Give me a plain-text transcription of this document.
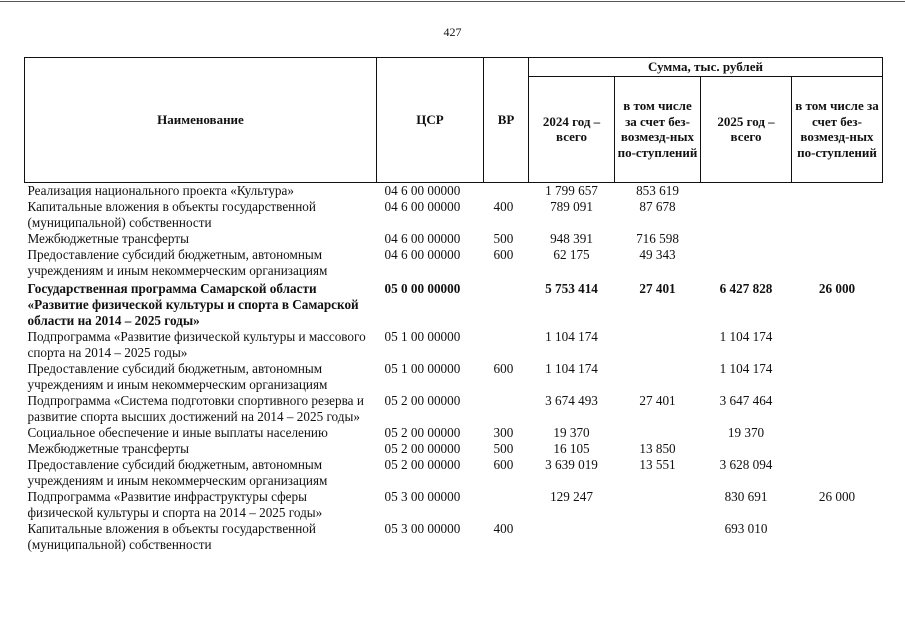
427
Наименование	ЦСР	ВР	Сумма, тыс. рублей			
			2024 год – всего	в том числе за счет без-возмезд-ных по-ступлений	2025 год – всего	в том числе за счет без-возмезд-ных по-ступлений
Реализация национального проекта «Культура»	04 6 00 00000		1 799 657	853 619		
Капитальные вложения в объекты государственной (муниципальной) собственности	04 6 00 00000	400	789 091	87 678		
Межбюджетные трансферты	04 6 00 00000	500	948 391	716 598		
Предоставление субсидий бюджетным, автономным учреждениям и иным некоммерческим организациям	04 6 00 00000	600	62 175	49 343		
Государственная программа Самарской области «Развитие физической культуры и спорта в Самарской области на 2014 – 2025 годы»	05 0 00 00000		5 753 414	27 401	6 427 828	26 000
Подпрограмма «Развитие физической культуры и массового спорта на 2014 – 2025 годы»	05 1 00 00000		1 104 174		1 104 174	
Предоставление субсидий бюджетным, автономным учреждениям и иным некоммерческим организациям	05 1 00 00000	600	1 104 174		1 104 174	
Подпрограмма «Система подготовки спортивного резерва и развитие спорта высших достижений на 2014 – 2025 годы»	05 2 00 00000		3 674 493	27 401	3 647 464	
Социальное обеспечение и иные выплаты населению	05 2 00 00000	300	19 370		19 370	
Межбюджетные трансферты	05 2 00 00000	500	16 105	13 850		
Предоставление субсидий бюджетным, автономным учреждениям и иным некоммерческим организациям	05 2 00 00000	600	3 639 019	13 551	3 628 094	
Подпрограмма «Развитие инфраструктуры сферы физической культуры и спорта на 2014 – 2025 годы»	05 3 00 00000		129 247		830 691	26 000
Капитальные вложения в объекты государственной (муниципальной) собственности	05 3 00 00000	400			693 010	
